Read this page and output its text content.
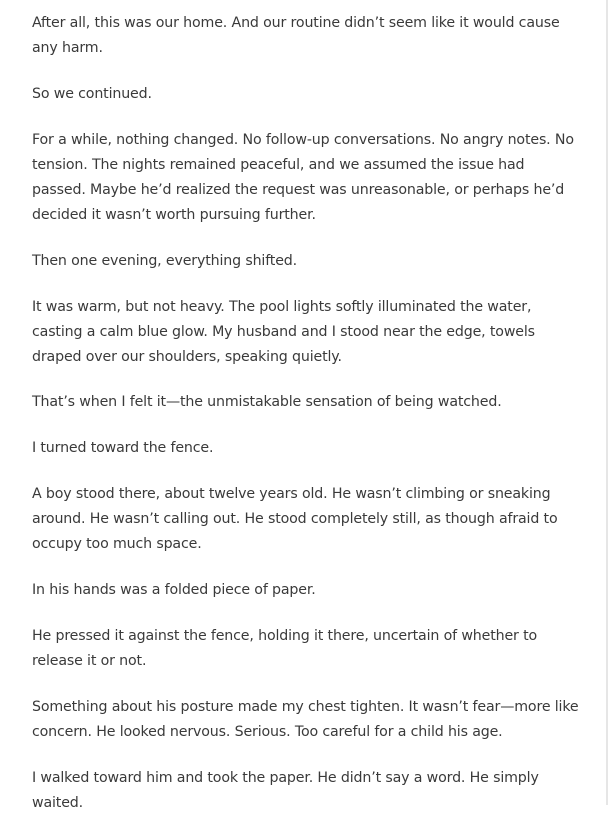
After all, this was our home. And our routine didn’t seem like it would cause any harm.

So we continued.

For a while, nothing changed. No follow-up conversations. No angry notes. No tension. The nights remained peaceful, and we assumed the issue had passed. Maybe he’d realized the request was unreasonable, or perhaps he’d decided it wasn’t worth pursuing further.

Then one evening, everything shifted.

It was warm, but not heavy. The pool lights softly illuminated the water, casting a calm blue glow. My husband and I stood near the edge, towels draped over our shoulders, speaking quietly.

That’s when I felt it—the unmistakable sensation of being watched.

I turned toward the fence.

A boy stood there, about twelve years old. He wasn’t climbing or sneaking around. He wasn’t calling out. He stood completely still, as though afraid to occupy too much space.

In his hands was a folded piece of paper.

He pressed it against the fence, holding it there, uncertain of whether to release it or not.

Something about his posture made my chest tighten. It wasn’t fear—more like concern. He looked nervous. Serious. Too careful for a child his age.

I walked toward him and took the paper. He didn’t say a word. He simply waited.
